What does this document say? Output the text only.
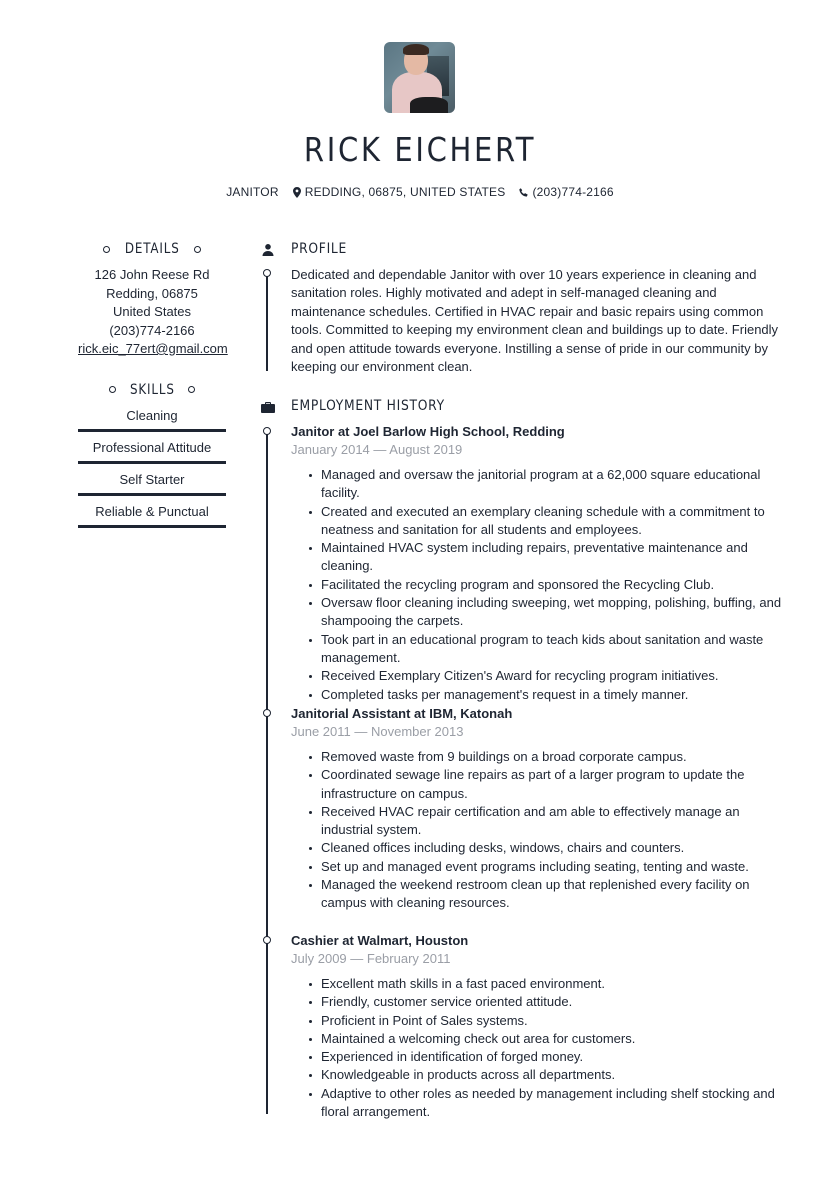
RICK EICHERT
JANITOR REDDING, 06875, UNITED STATES (203)774-2166
DETAILS
126 John Reese Rd
Redding, 06875
United States
(203)774-2166
rick.eic_77ert@gmail.com
SKILLS
Cleaning
Professional Attitude
Self Starter
Reliable & Punctual
PROFILE
Dedicated and dependable Janitor with over 10 years experience in cleaning and sanitation roles. Highly motivated and adept in self-managed cleaning and maintenance schedules. Certified in HVAC repair and basic repairs using common tools. Committed to keeping my environment clean and buildings up to date. Friendly and open attitude towards everyone. Instilling a sense of pride in our community by keeping our environment clean.
EMPLOYMENT HISTORY
Janitor at Joel Barlow High School, Redding
January 2014 — August 2019
Managed and oversaw the janitorial program at a 62,000 square educational facility.
Created and executed an exemplary cleaning schedule with a commitment to neatness and sanitation for all students and employees.
Maintained HVAC system including repairs, preventative maintenance and cleaning.
Facilitated the recycling program and sponsored the Recycling Club.
Oversaw floor cleaning including sweeping, wet mopping, polishing, buffing, and shampooing the carpets.
Took part in an educational program to teach kids about sanitation and waste management.
Received Exemplary Citizen's Award for recycling program initiatives.
Completed tasks per management's request in a timely manner.
Janitorial Assistant at IBM, Katonah
June 2011 — November 2013
Removed waste from 9 buildings on a broad corporate campus.
Coordinated sewage line repairs as part of a larger program to update the infrastructure on campus.
Received HVAC repair certification and am able to effectively manage an industrial system.
Cleaned offices including desks, windows, chairs and counters.
Set up and managed event programs including seating, tenting and waste.
Managed the weekend restroom clean up that replenished every facility on campus with cleaning resources.
Cashier at Walmart, Houston
July 2009 — February 2011
Excellent math skills in a fast paced environment.
Friendly, customer service oriented attitude.
Proficient in Point of Sales systems.
Maintained a welcoming check out area for customers.
Experienced in identification of forged money.
Knowledgeable in products across all departments.
Adaptive to other roles as needed by management including shelf stocking and floral arrangement.
